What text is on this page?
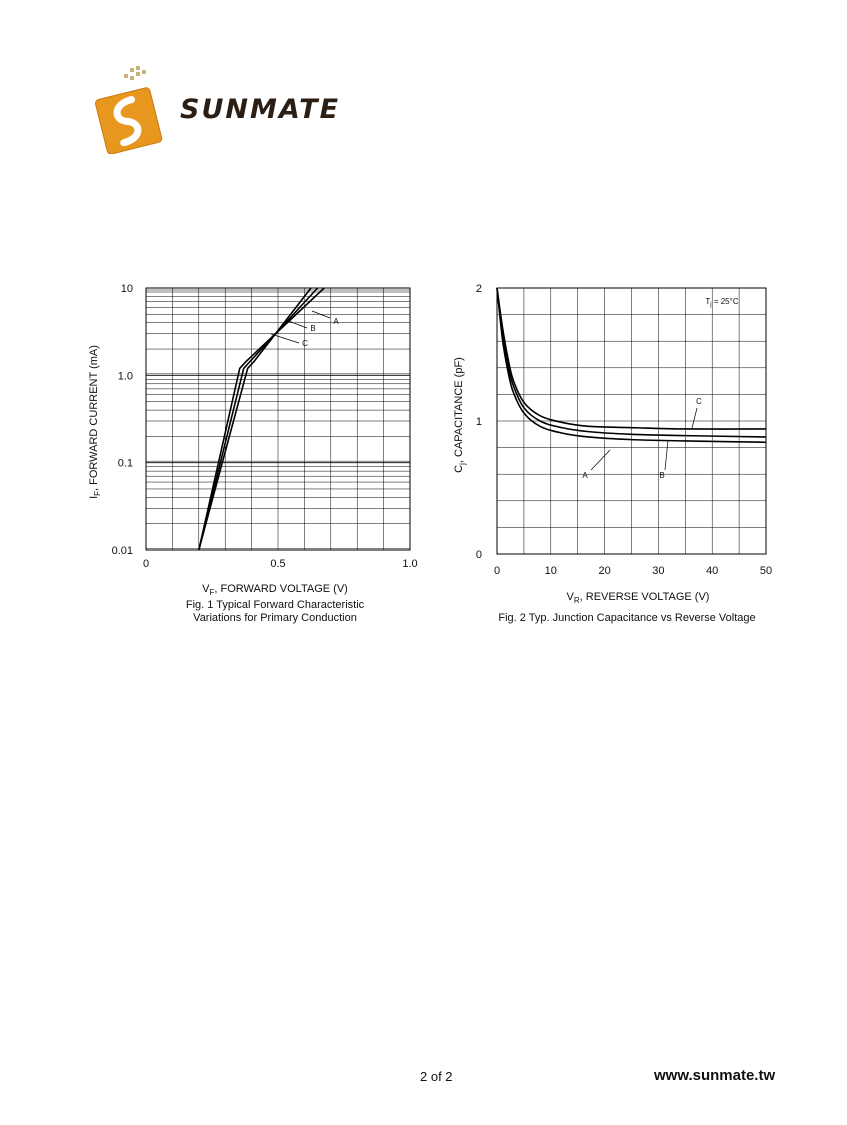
SUNMATE
0	0.5	1.0
0.01
0.1
1.0
10
$V_F$, FORWARD VOLTAGE (V)
$I_F$, FORWARD CURRENT (mA)
A
B
C
Fig. 1 Typical Forward Characteristic
Variations for Primary Conduction
0	10	20	30	40	50
0
1
2
$V_R$, REVERSE VOLTAGE (V)
$C_j$, CAPACITANCE (pF)
$T_j = 25^\circ C$
A	B
C
Fig. 2 Typ. Junction Capacitance vs Reverse Voltage
2 of 2	www.sunmate.tw
